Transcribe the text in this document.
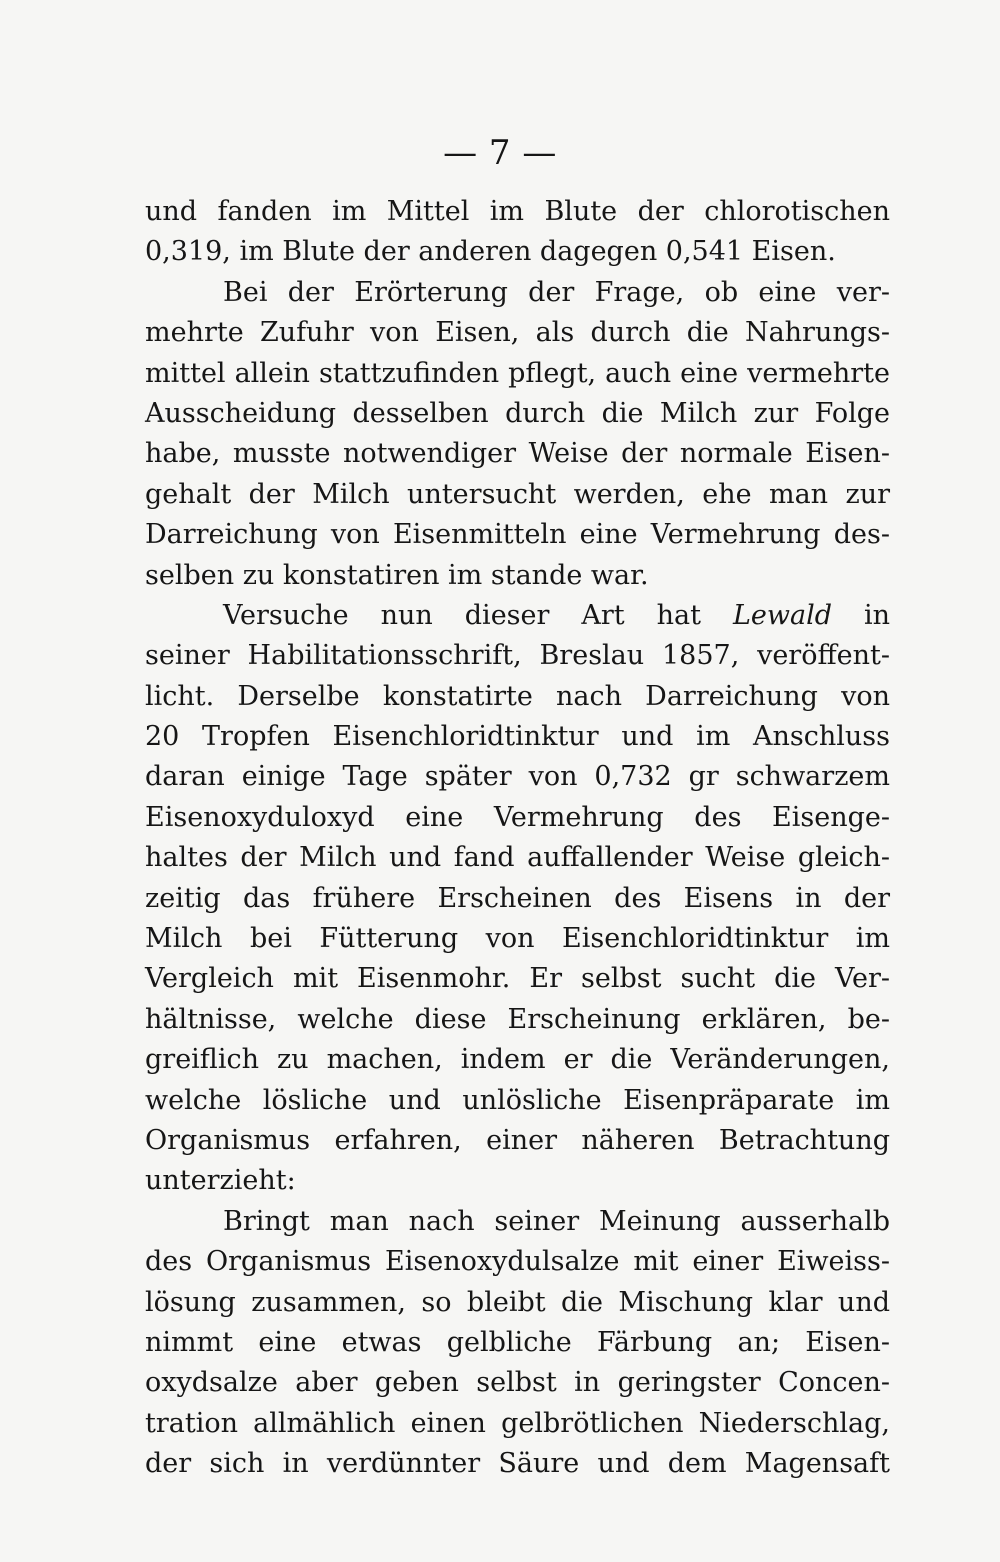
— 7 —
und fanden im Mittel im Blute der chlorotischen
0,319, im Blute der anderen dagegen 0,541 Eisen.
Bei der Erörterung der Frage, ob eine ver-
mehrte Zufuhr von Eisen, als durch die Nahrungs-
mittel allein stattzufinden pflegt, auch eine vermehrte
Ausscheidung desselben durch die Milch zur Folge
habe, musste notwendiger Weise der normale Eisen-
gehalt der Milch untersucht werden, ehe man zur
Darreichung von Eisenmitteln eine Vermehrung des-
selben zu konstatiren im stande war.
Versuche nun dieser Art hat Lewald in
seiner Habilitationsschrift, Breslau 1857, veröffent-
licht. Derselbe konstatirte nach Darreichung von
20 Tropfen Eisenchloridtinktur und im Anschluss
daran einige Tage später von 0,732 gr schwarzem
Eisenoxyduloxyd eine Vermehrung des Eisenge-
haltes der Milch und fand auffallender Weise gleich-
zeitig das frühere Erscheinen des Eisens in der
Milch bei Fütterung von Eisenchloridtinktur im
Vergleich mit Eisenmohr. Er selbst sucht die Ver-
hältnisse, welche diese Erscheinung erklären, be-
greiflich zu machen, indem er die Veränderungen,
welche lösliche und unlösliche Eisenpräparate im
Organismus erfahren, einer näheren Betrachtung
unterzieht:
Bringt man nach seiner Meinung ausserhalb
des Organismus Eisenoxydulsalze mit einer Eiweiss-
lösung zusammen, so bleibt die Mischung klar und
nimmt eine etwas gelbliche Färbung an; Eisen-
oxydsalze aber geben selbst in geringster Concen-
tration allmählich einen gelbrötlichen Niederschlag,
der sich in verdünnter Säure und dem Magensaft
